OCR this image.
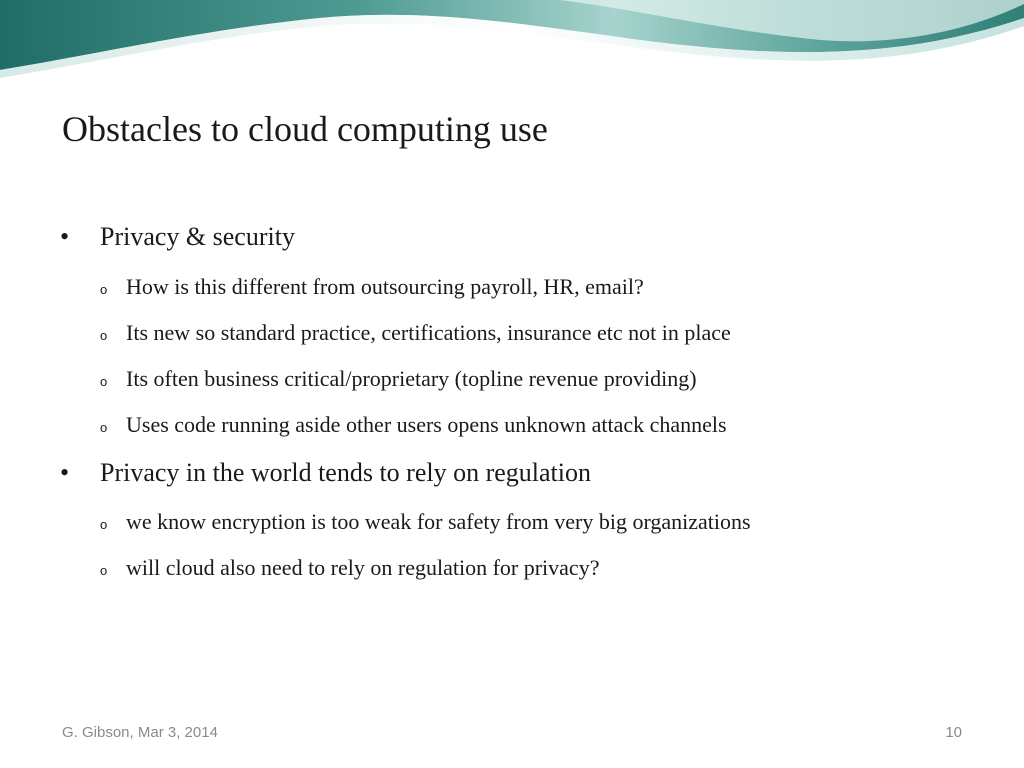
Obstacles to cloud computing use
• Privacy & security
o How is this different from outsourcing payroll, HR, email?
o Its new so standard practice, certifications, insurance etc not in place
o Its often business critical/proprietary (topline revenue providing)
o Uses code running aside other users opens unknown attack channels
• Privacy in the world tends to rely on regulation
o we know encryption is too weak for safety from very big organizations
o will cloud also need to rely on regulation for privacy?
G. Gibson, Mar 3, 2014	10
